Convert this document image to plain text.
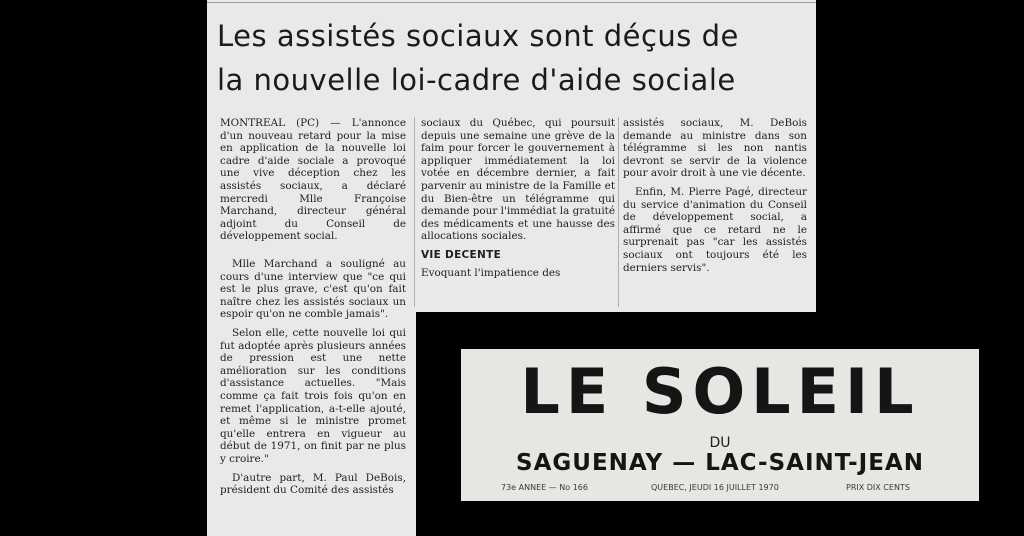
Les assistés sociaux sont déçus de
la nouvelle loi-cadre d'aide sociale

MONTREAL (PC) — L'annonce d'un nouveau retard pour la mise en application de la nouvelle loi cadre d'aide sociale a provoqué une vive déception chez les assistés sociaux, a déclaré mercredi Mlle Françoise Marchand, directeur général adjoint du Conseil de développement social.

sociaux du Québec, qui poursuit depuis une semaine une grève de la faim pour forcer le gouvernement à appliquer immédiatement la loi votée en décembre dernier, a fait parvenir au ministre de la Famille et du Bien-être un télégramme qui demande pour l'immédiat la gratuité des médicaments et une hausse des allocations sociales.

VIE DECENTE

Evoquant l'impatience des

assistés sociaux, M. DeBois demande au ministre dans son télégramme si les non nantis devront se servir de la violence pour avoir droit à une vie décente.

Enfin, M. Pierre Pagé, directeur du service d'animation du Conseil de développement social, a affirmé que ce retard ne le surprenait pas "car les assistés sociaux ont toujours été les derniers servis".

Mlle Marchand a souligné au cours d'une interview que "ce qui est le plus grave, c'est qu'on fait naître chez les assistés sociaux un espoir qu'on ne comble jamais".

Selon elle, cette nouvelle loi qui fut adoptée après plusieurs années de pression est une nette amélioration sur les conditions d'assistance actuelles. "Mais comme ça fait trois fois qu'on en remet l'application, a-t-elle ajouté, et même si le ministre promet qu'elle entrera en vigueur au début de 1971, on finit par ne plus y croire."

D'autre part, M. Paul DeBois, président du Comité des assistés

LE SOLEIL
DU
SAGUENAY — LAC-SAINT-JEAN
73e ANNEE — No 166	QUEBEC, JEUDI 16 JUILLET 1970	PRIX DIX CENTS
